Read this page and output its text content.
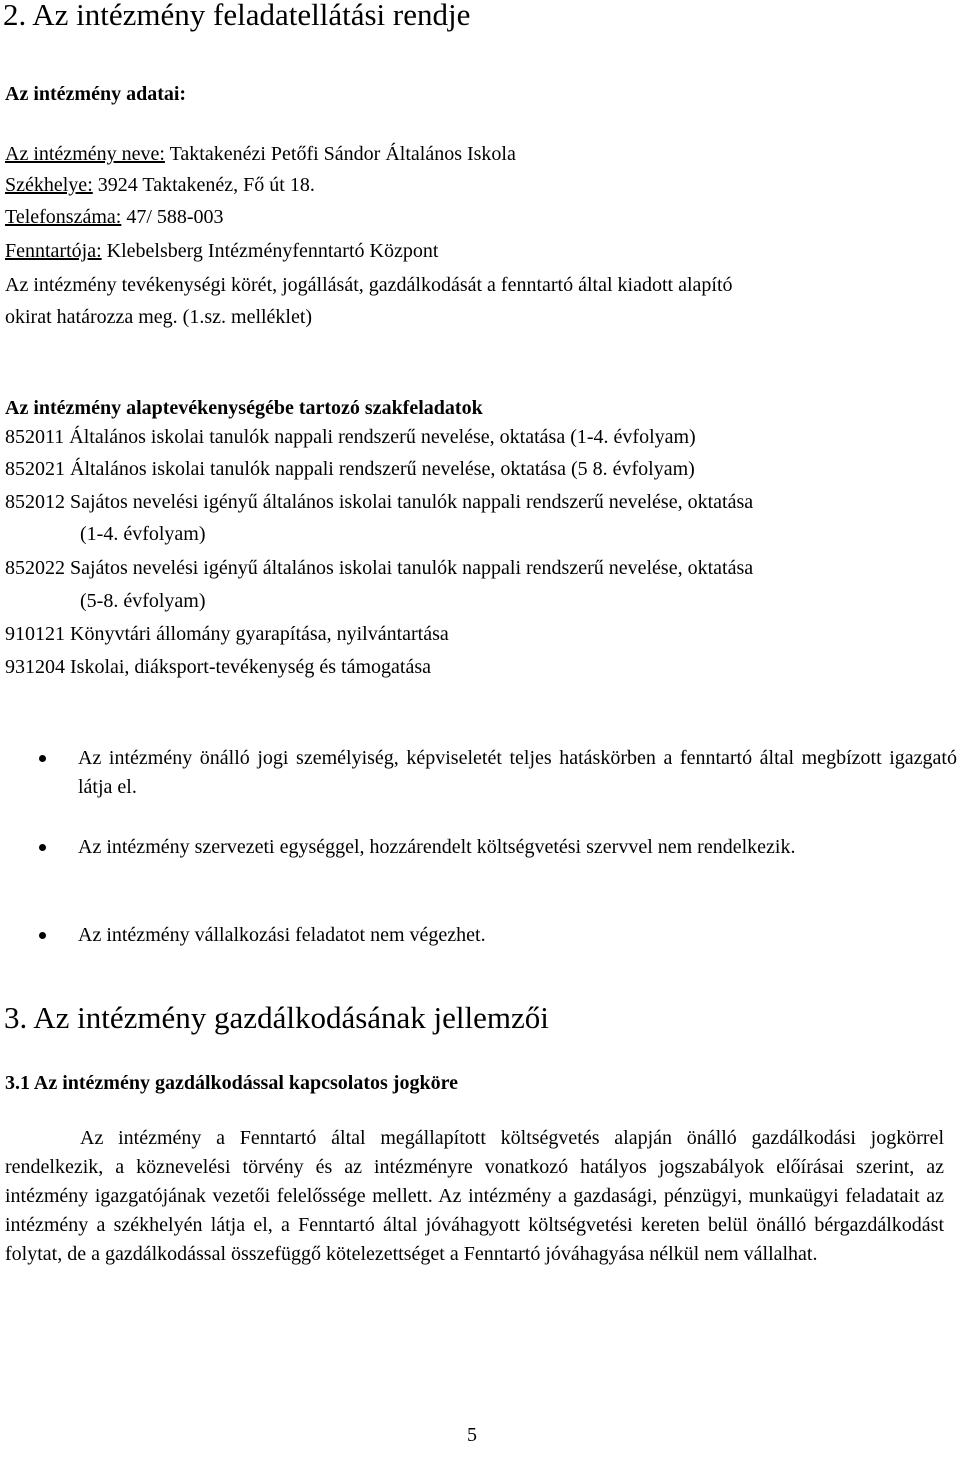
2. Az intézmény feladatellátási rendje
Az intézmény adatai:
Az intézmény neve: Taktakenézi Petőfi Sándor Általános Iskola
Székhelye: 3924 Taktakenéz, Fő út 18.
Telefonszáma: 47/ 588-003
Fenntartója: Klebelsberg Intézményfenntartó Központ
Az intézmény tevékenységi körét, jogállását, gazdálkodását a fenntartó által kiadott alapító
okirat határozza meg. (1.sz. melléklet)
Az intézmény alaptevékenységébe tartozó szakfeladatok
852011 Általános iskolai tanulók nappali rendszerű nevelése, oktatása (1-4. évfolyam)
852021 Általános iskolai tanulók nappali rendszerű nevelése, oktatása (5 8. évfolyam)
852012 Sajátos nevelési igényű általános iskolai tanulók nappali rendszerű nevelése, oktatása
(1-4. évfolyam)
852022 Sajátos nevelési igényű általános iskolai tanulók nappali rendszerű nevelése, oktatása
(5-8. évfolyam)
910121 Könyvtári állomány gyarapítása, nyilvántartása
931204 Iskolai, diáksport-tevékenység és támogatása
Az intézmény önálló jogi személyiség, képviseletét teljes hatáskörben a fenntartó által megbízott igazgató látja el.
Az intézmény szervezeti egységgel, hozzárendelt költségvetési szervvel nem rendelkezik.
Az intézmény vállalkozási feladatot nem végezhet.
3. Az intézmény gazdálkodásának jellemzői
3.1 Az intézmény gazdálkodással kapcsolatos jogköre
Az intézmény a Fenntartó által megállapított költségvetés alapján önálló gazdálkodási jogkörrel rendelkezik, a köznevelési törvény és az intézményre vonatkozó hatályos jogszabályok előírásai szerint, az intézmény igazgatójának vezetői felelőssége mellett. Az intézmény a gazdasági, pénzügyi, munkaügyi feladatait az intézmény a székhelyén látja el, a Fenntartó által jóváhagyott költségvetési kereten belül önálló bérgazdálkodást folytat, de a gazdálkodással összefüggő kötelezettséget a Fenntartó jóváhagyása nélkül nem vállalhat.
5
